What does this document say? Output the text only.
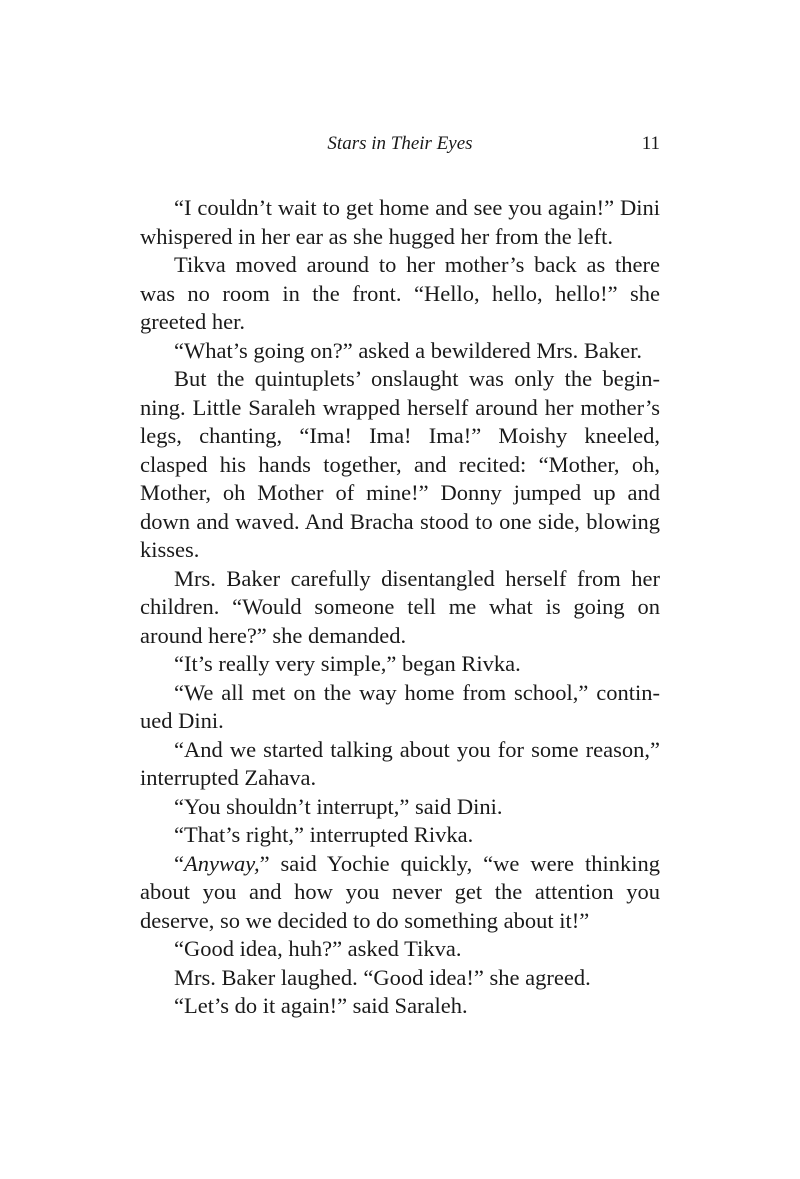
Stars in Their Eyes	11

“I couldn’t wait to get home and see you again!” Dini whispered in her ear as she hugged her from the left.

Tikva moved around to her mother’s back as there was no room in the front. “Hello, hello, hello!” she greeted her.

“What’s going on?” asked a bewildered Mrs. Baker.

But the quintuplets’ onslaught was only the beginning. Little Saraleh wrapped herself around her mother’s legs, chanting, “Ima! Ima! Ima!” Moishy kneeled, clasped his hands together, and recited: “Mother, oh, Mother, oh Mother of mine!” Donny jumped up and down and waved. And Bracha stood to one side, blowing kisses.

Mrs. Baker carefully disentangled herself from her children. “Would someone tell me what is going on around here?” she demanded.

“It’s really very simple,” began Rivka.

“We all met on the way home from school,” continued Dini.

“And we started talking about you for some reason,” interrupted Zahava.

“You shouldn’t interrupt,” said Dini.

“That’s right,” interrupted Rivka.

“Anyway,” said Yochie quickly, “we were thinking about you and how you never get the attention you deserve, so we decided to do something about it!”

“Good idea, huh?” asked Tikva.

Mrs. Baker laughed. “Good idea!” she agreed.

“Let’s do it again!” said Saraleh.
